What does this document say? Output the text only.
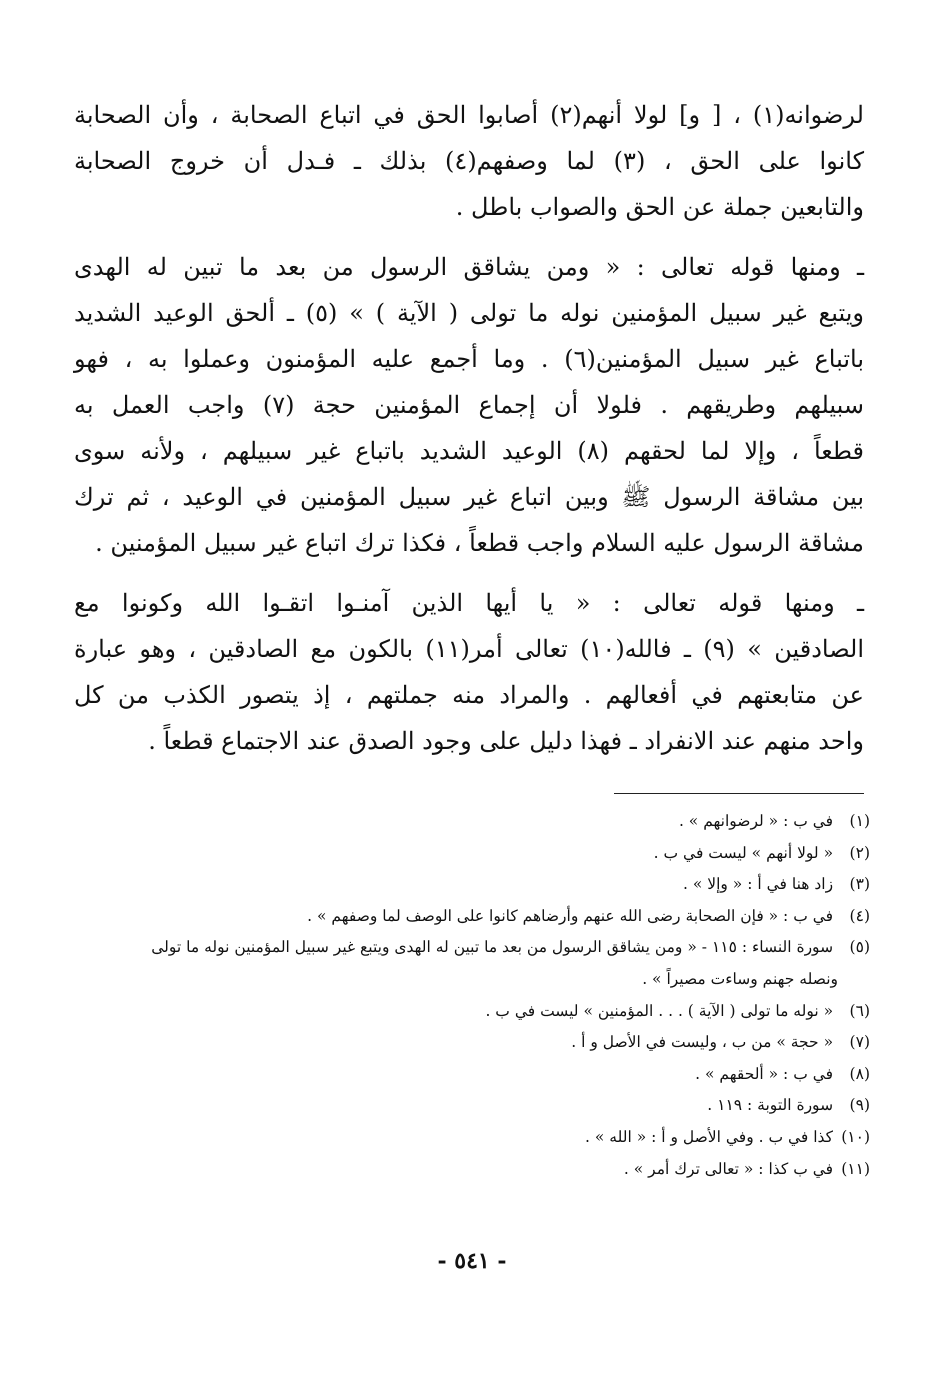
لرضوانه(١) ، [ و] لولا أنهم(٢) أصابوا الحق في اتباع الصحابة ، وأن الصحابة
كانوا على الحق ، (٣) لما وصفهم(٤) بذلك ـ فـدل أن خروج الصحابة
والتابعين جملة عن الحق والصواب باطل .

ـ ومنها قوله تعالى : « ومن يشاقق الرسول من بعد ما تبين له الهدى
ويتبع غير سبيل المؤمنين نوله ما تولى ( الآية ) » (٥) ـ ألحق الوعيد الشديد
باتباع غير سبيل المؤمنين(٦) . وما أجمع عليه المؤمنون وعملوا به ، فهو
سبيلهم وطريقهم . فلولا أن إجماع المؤمنين حجة (٧) واجب العمل به
قطعاً ، وإلا لما لحقهم (٨) الوعيد الشديد باتباع غير سبيلهم ، ولأنه سوى
بين مشاقة الرسول ﷺ وبين اتباع غير سبيل المؤمنين في الوعيد ، ثم ترك
مشاقة الرسول عليه السلام واجب قطعاً ، فكذا ترك اتباع غير سبيل المؤمنين .

ـ ومنها قوله تعالى : « يا أيها الذين آمنـوا اتقـوا الله وكونوا مع
الصادقين » (٩) ـ فالله(١٠) تعالى أمر(١١) بالكون مع الصادقين ، وهو عبارة
عن متابعتهم في أفعالهم . والمراد منه جملتهم ، إذ يتصور الكذب من كل
واحد منهم عند الانفراد ـ فهذا دليل على وجود الصدق عند الاجتماع قطعاً .

(١) في ب : « لرضوانهم » .
(٢) « لولا أنهم » ليست في ب .
(٣) زاد هنا في أ : « وإلا » .
(٤) في ب : « فإن الصحابة رضى الله عنهم وأرضاهم كانوا على الوصف لما وصفهم » .
(٥) سورة النساء : ١١٥ - « ومن يشاقق الرسول من بعد ما تبين له الهدى ويتبع غير سبيل المؤمنين نوله ما تولى
ونصله جهنم وساءت مصيراً » .
(٦) « نوله ما تولى ( الآية ) . . . المؤمنين » ليست في ب .
(٧) « حجة » من ب ، وليست في الأصل و أ .
(٨) في ب : « ألحقهم » .
(٩) سورة التوبة : ١١٩ .
(١٠) كذا في ب . وفي الأصل و أ : « الله » .
(١١) في ب كذا : « تعالى ترك أمر » .
- ٥٤١ -
